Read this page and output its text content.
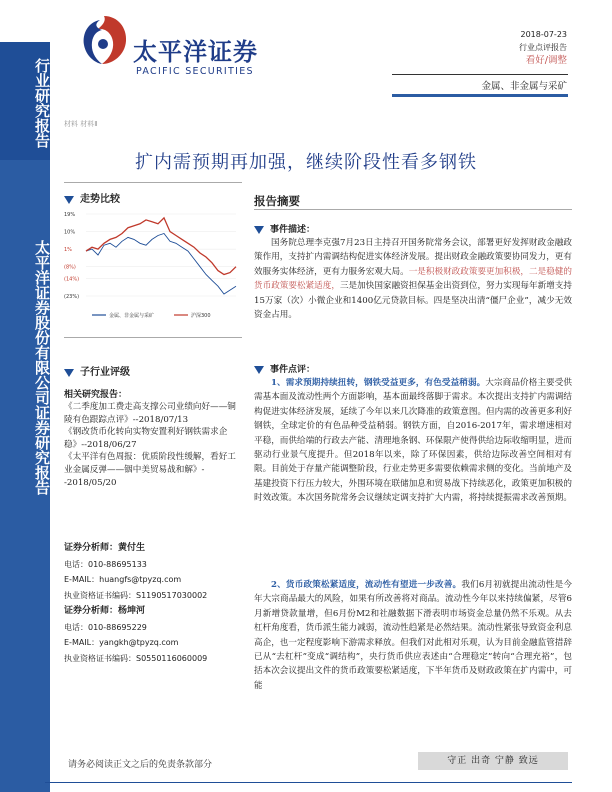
行业研究报告
太平洋证券股份有限公司证券研究报告
太平洋证券
PACIFIC SECURITIES
2018-07-23
行业点评报告
看好/调整
金属、非金属与采矿
材料 材料Ⅱ
扩内需预期再加强，继续阶段性看多钢铁
走势比较
19%
10%
1%
(8%)
(14%)
(23%)
金属、非金属与采矿	沪深300
子行业评级
相关研究报告：
《二季度加工费走高支撑公司业绩向好——铜陵有色跟踪点评》--2018/07/13
《钢改货币化转向实物安置利好钢铁需求企稳》--2018/06/27
《太平洋有色周报：优质阶段性缓解，看好工业金属反弹——铟中美贸易战和解》--2018/05/20
证券分析师：黄付生
电话：010-88695133
E-MAIL：huangfs@tpyzq.com
执业资格证书编码：S1190517030002
证券分析师：杨坤河
电话：010-88695229
E-MAIL：yangkh@tpyzq.com
执业资格证书编码：S0550116060009
报告摘要
事件描述：
国务院总理李克强7月23日主持召开国务院常务会议，部署更好发挥财政金融政策作用，支持扩内需调结构促进实体经济发展。提出财政金融政策要协同发力，更有效服务实体经济，更有力服务宏观大局。一是积极财政政策要更加积极，二是稳健的货币政策要松紧适度，三是加快国家融资担保基金出资到位，努力实现每年新增支持15万家（次）小微企业和1400亿元贷款目标。四是坚决出清“僵尸企业”，减少无效资金占用。
事件点评：
1、需求预期持续扭转，钢铁受益更多，有色受益稍弱。大宗商品价格主要受供需基本面及流动性两个方面影响，基本面最终落脚于需求。本次提出支持扩内需调结构促进实体经济发展，延续了今年以来几次降准的政策意图。但内需的改善更多利好钢铁，全球定价的有色品种受益稍弱。钢铁方面，自2016-2017年，需求增速相对平稳，而供给端的行政去产能、清理地条钢、环保限产使得供给边际收缩明显，进而驱动行业景气度提升。但2018年以来，除了环保因素，供给边际改善空间相对有限。目前处于存量产能调整阶段，行业走势更多需要依赖需求侧的变化。当前地产及基建投资下行压力较大，外围环境在联储加息和贸易战下持续恶化，政策更加积极的时效改策。本次国务院常务会议继续定调支持扩大内需，将持续提振需求改善预期。
2、货币政策松紧适度，流动性有望进一步改善。我们6月初就提出流动性是今年大宗商品最大的风险，如果有所改善将对商品。流动性今年以来持续偏紧，尽管6月新增贷款量增，但6月份M2和社融数据下滑表明市场资金总量仍然不乐观。从去杠杆角度看，货币派生能力减弱，流动性趋紧是必然结果。流动性紧张导致资金利息高企，也一定程度影响下游需求释放。但我们对此相对乐观，认为目前金融监管措辞已从“去杠杆”变成“调结构”，央行货币供应表述由“合理稳定”转向“合理充裕”，包括本次会议提出文件的货币政策要松紧适度，下半年货币及财政政策在扩内需中，可能
请务必阅读正文之后的免责条款部分	守正 出奇 宁静 致远
